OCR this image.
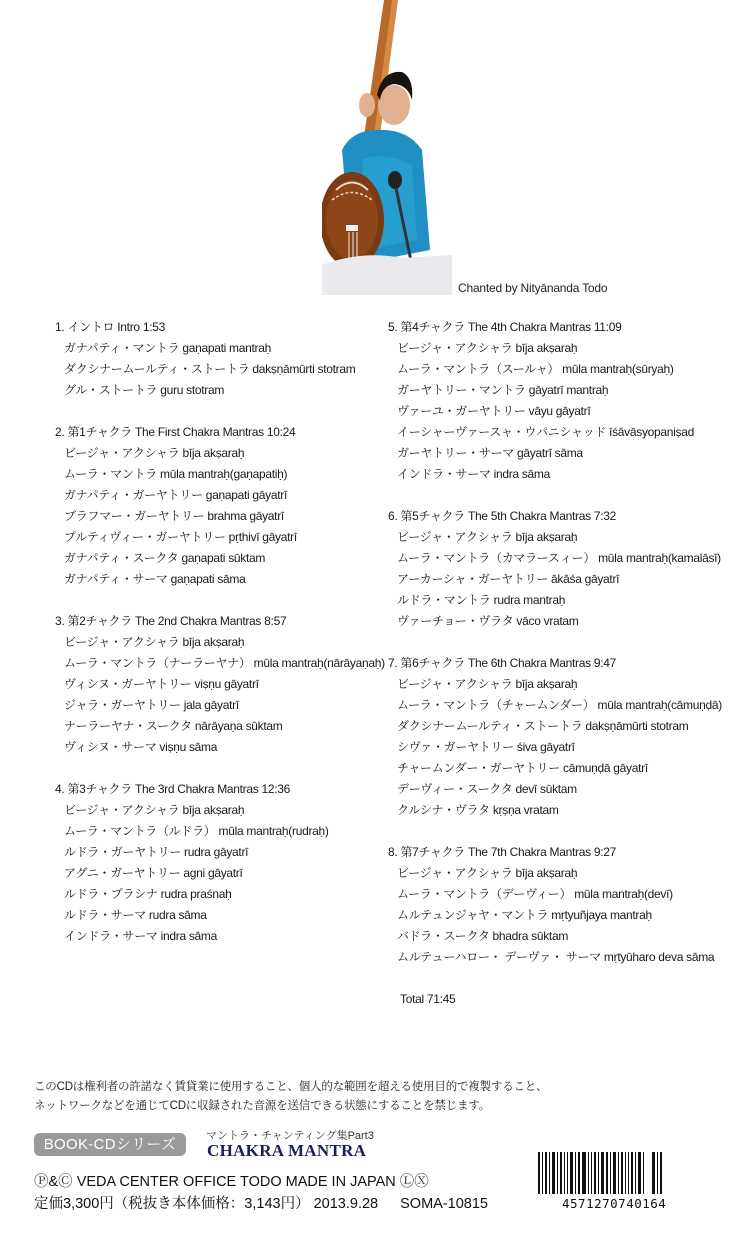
Chanted by Nityānanda Todo
1. イントロ Intro 1:53
ガナパティ・マントラ gaṇapati mantraḥ
ダクシナームールティ・ストートラ dakṣṇāmūrti stotram
グル・ストートラ guru stotram
2. 第1チャクラ The First Chakra Mantras 10:24
ビージャ・アクシャラ bīja akṣaraḥ
ムーラ・マントラ mūla mantraḥ(gaṇapatiḥ)
ガナパティ・ガーヤトリー gaṇapati gāyatrī
ブラフマー・ガーヤトリー brahma gāyatrī
プルティヴィー・ガーヤトリー pṛthivī gāyatrī
ガナパティ・スークタ gaṇapati sūktam
ガナパティ・サーマ gaṇapati sāma
3. 第2チャクラ The 2nd Chakra Mantras 8:57
ビージャ・アクシャラ bīja akṣaraḥ
ムーラ・マントラ（ナーラーヤナ） mūla mantraḥ(nārāyaṇaḥ)
ヴィシヌ・ガーヤトリー viṣṇu gāyatrī
ジャラ・ガーヤトリー jala gāyatrī
ナーラーヤナ・スークタ nārāyaṇa sūktam
ヴィシヌ・サーマ viṣṇu sāma
4. 第3チャクラ The 3rd Chakra Mantras 12:36
ビージャ・アクシャラ bīja akṣaraḥ
ムーラ・マントラ（ルドラ） mūla mantraḥ(rudraḥ)
ルドラ・ガーヤトリー rudra gāyatrī
アグニ・ガーヤトリー agni gāyatrī
ルドラ・プラシナ rudra praśnaḥ
ルドラ・サーマ rudra sāma
インドラ・サーマ indra sāma
5. 第4チャクラ The 4th Chakra Mantras 11:09
ビージャ・アクシャラ bīja akṣaraḥ
ムーラ・マントラ（スールャ） mūla mantraḥ(sūryaḥ)
ガーヤトリー・マントラ gāyatrī mantraḥ
ヴァーユ・ガーヤトリー vāyu gāyatrī
イーシャーヴァースャ・ウパニシャッド īśāvāsyopaniṣad
ガーヤトリー・サーマ gāyatrī sāma
インドラ・サーマ indra sāma
6. 第5チャクラ The 5th Chakra Mantras 7:32
ビージャ・アクシャラ bīja akṣaraḥ
ムーラ・マントラ（カマラースィー） mūla mantraḥ(kamalāsī)
アーカーシャ・ガーヤトリー ākāśa gāyatrī
ルドラ・マントラ rudra mantraḥ
ヴァーチョー・ヴラタ vāco vratam
7. 第6チャクラ The 6th Chakra Mantras 9:47
ビージャ・アクシャラ bīja akṣaraḥ
ムーラ・マントラ（チャームンダー） mūla mantraḥ(cāmuṇḍā)
ダクシナームールティ・ストートラ dakṣṇāmūrti stotram
シヴァ・ガーヤトリー śiva gāyatrī
チャームンダー・ガーヤトリー cāmuṇḍā gāyatrī
デーヴィー・スークタ devī sūktam
クルシナ・ヴラタ kṛṣṇa vratam
8. 第7チャクラ The 7th Chakra Mantras 9:27
ビージャ・アクシャラ bīja akṣaraḥ
ムーラ・マントラ（デーヴィー） mūla mantraḥ(devī)
ムルテュンジャヤ・マントラ mṛtyuñjaya mantraḥ
バドラ・スークタ bhadra sūktam
ムルテューハロー・ デーヴァ・ サーマ mṛtyūharo deva sāma
Total 71:45
このCDは権利者の許諾なく賃貸業に使用すること、個人的な範囲を超える使用目的で複製すること、
ネットワークなどを通じてCDに収録された音源を送信できる状態にすることを禁じます。
BOOK-CDシリーズ	マントラ・チャンティング集Part3
CHAKRA MANTRA
Ⓟ&Ⓒ VEDA CENTER OFFICE TODO MADE IN JAPAN ⓁⓍ
定価3,300円（税抜き本体価格：3,143円） 2013.9.28 SOMA-10815	4571270740164
